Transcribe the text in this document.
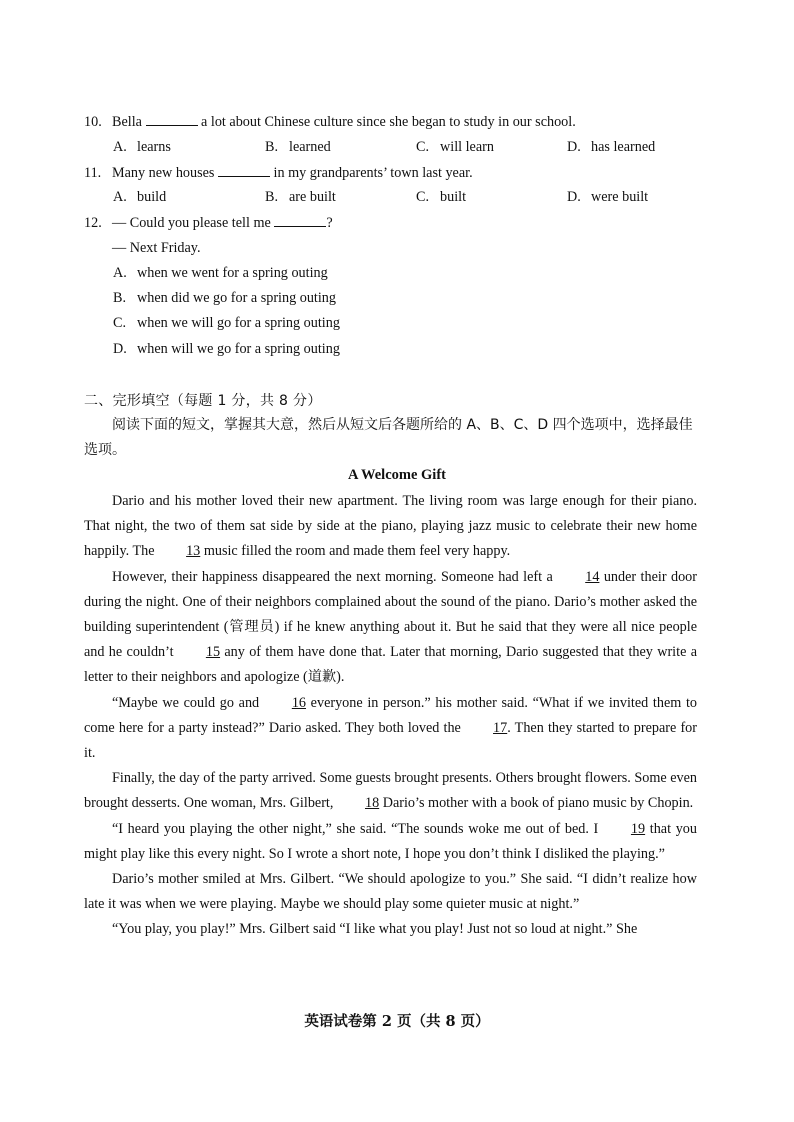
10. Bella	a lot about Chinese culture since she began to study in our school.
A. learns	B. learned	C. will learn	D. has learned
11. Many new houses	in my grandparents’ town last year.
A. build	B. are built	C. built	D. were built
12. — Could you please tell me	?
— Next Friday.
A. when we went for a spring outing
B. when did we go for a spring outing
C. when we will go for a spring outing
D. when will we go for a spring outing
二、完形填空（每题 1 分，共 8 分）
阅读下面的短文，掌握其大意，然后从短文后各题所给的 A、B、C、D 四个选项中，选择最佳选项。
A Welcome Gift

Dario and his mother loved their new apartment. The living room was large enough for their piano. That night, the two of them sat side by side at the piano, playing jazz music to celebrate their new home happily. The 13 music filled the room and made them feel very happy.

However, their happiness disappeared the next morning. Someone had left a 14 under their door during the night. One of their neighbors complained about the sound of the piano. Dario’s mother asked the building superintendent (管理员) if he knew anything about it. But he said that they were all nice people and he couldn’t 15 any of them have done that. Later that morning, Dario suggested that they write a letter to their neighbors and apologize (道歉).

“Maybe we could go and 16 everyone in person.” his mother said. “What if we invited them to come here for a party instead?” Dario asked. They both loved the 17. Then they started to prepare for it.

Finally, the day of the party arrived. Some guests brought presents. Others brought flowers. Some even brought desserts. One woman, Mrs. Gilbert, 18 Dario’s mother with a book of piano music by Chopin.

“I heard you playing the other night,” she said. “The sounds woke me out of bed. I 19 that you might play like this every night. So I wrote a short note, I hope you don’t think I disliked the playing.”

Dario’s mother smiled at Mrs. Gilbert. “We should apologize to you.” She said. “I didn’t realize how late it was when we were playing. Maybe we should play some quieter music at night.”

“You play, you play!” Mrs. Gilbert said “I like what you play! Just not so loud at night.” She

英语试卷第 2 页（共 8 页）
